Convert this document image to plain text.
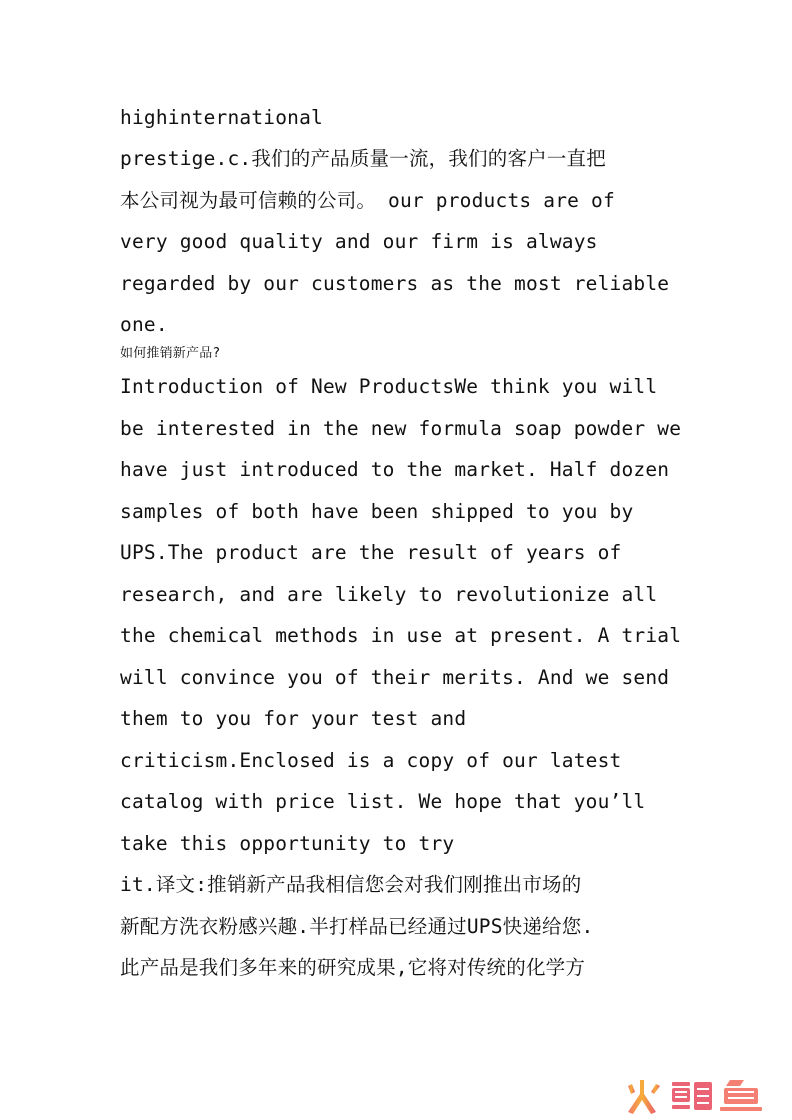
highinternational
prestige.c.我们的产品质量一流，我们的客户一直把
本公司视为最可信赖的公司。 our products are of
very good quality and our firm is always
regarded by our customers as the most reliable
one.
如何推销新产品?
Introduction of New ProductsWe think you will
be interested in the new formula soap powder we
have just introduced to the market. Half dozen
samples of both have been shipped to you by
UPS.The product are the result of years of
research, and are likely to revolutionize all
the chemical methods in use at present. A trial
will convince you of their merits. And we send
them to you for your test and
criticism.Enclosed is a copy of our latest
catalog with price list. We hope that you’ll
take this opportunity to try
it.译文:推销新产品我相信您会对我们刚推出市场的
新配方洗衣粉感兴趣.半打样品已经通过UPS快递给您.
此产品是我们多年来的研究成果,它将对传统的化学方
